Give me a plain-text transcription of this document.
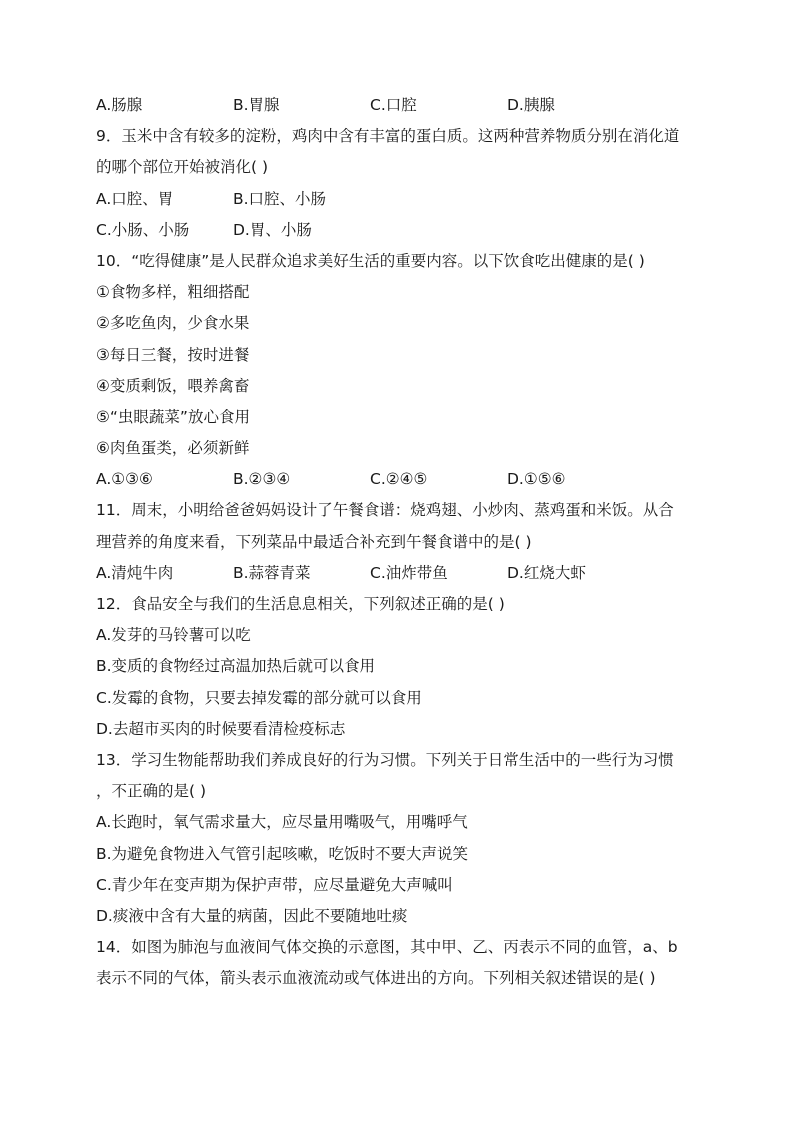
A.肠腺	B.胃腺	C.口腔	D.胰腺
9．玉米中含有较多的淀粉，鸡肉中含有丰富的蛋白质。这两种营养物质分别在消化道
的哪个部位开始被消化( )
A.口腔、胃	B.口腔、小肠
C.小肠、小肠	D.胃、小肠
10．“吃得健康”是人民群众追求美好生活的重要内容。以下饮食吃出健康的是( )
①食物多样，粗细搭配
②多吃鱼肉，少食水果
③每日三餐，按时进餐
④变质剩饭，喂养禽畜
⑤“虫眼蔬菜”放心食用
⑥肉鱼蛋类，必须新鲜
A.①③⑥	B.②③④	C.②④⑤	D.①⑤⑥
11．周末，小明给爸爸妈妈设计了午餐食谱：烧鸡翅、小炒肉、蒸鸡蛋和米饭。从合
理营养的角度来看，下列菜品中最适合补充到午餐食谱中的是( )
A.清炖牛肉	B.蒜蓉青菜	C.油炸带鱼	D.红烧大虾
12．食品安全与我们的生活息息相关，下列叙述正确的是( )
A.发芽的马铃薯可以吃
B.变质的食物经过高温加热后就可以食用
C.发霉的食物，只要去掉发霉的部分就可以食用
D.去超市买肉的时候要看清检疫标志
13．学习生物能帮助我们养成良好的行为习惯。下列关于日常生活中的一些行为习惯
，不正确的是( )
A.长跑时，氧气需求量大，应尽量用嘴吸气，用嘴呼气
B.为避免食物进入气管引起咳嗽，吃饭时不要大声说笑
C.青少年在变声期为保护声带，应尽量避免大声喊叫
D.痰液中含有大量的病菌，因此不要随地吐痰
14．如图为肺泡与血液间气体交换的示意图，其中甲、乙、丙表示不同的血管，a、b
表示不同的气体，箭头表示血液流动或气体进出的方向。下列相关叙述错误的是( )
